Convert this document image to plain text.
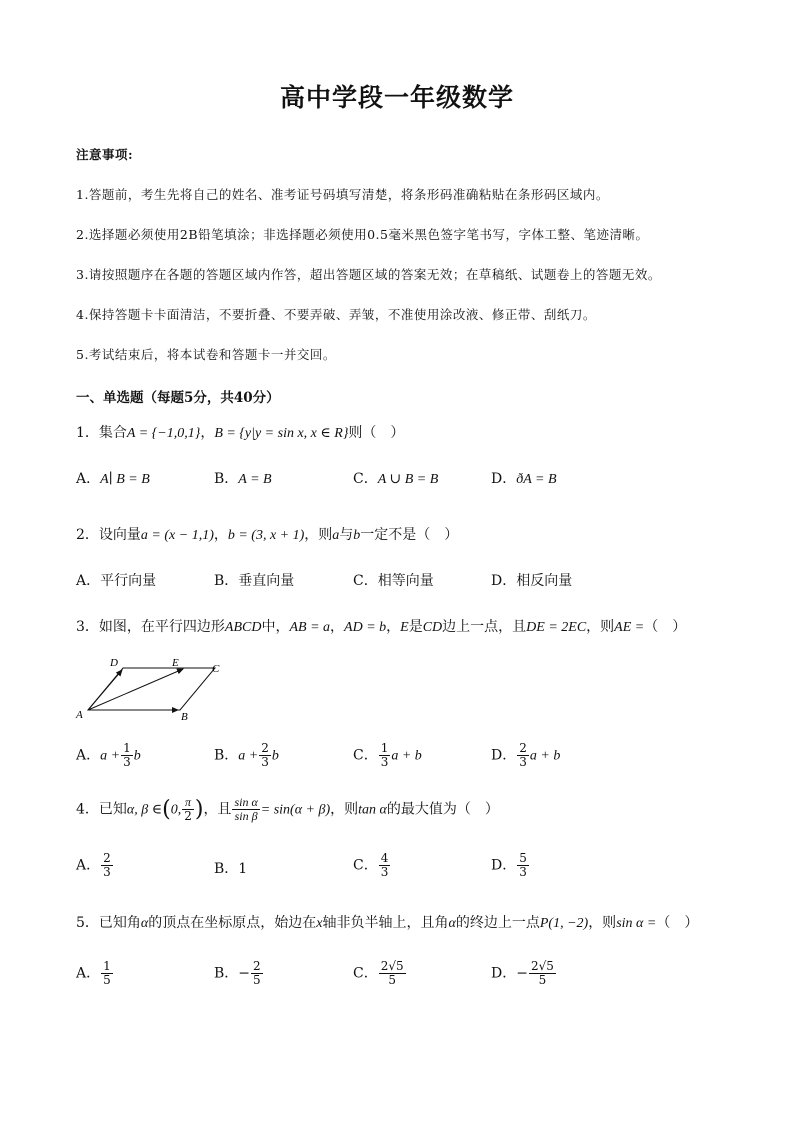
高中学段一年级数学
注意事项:
1.答题前，考生先将自己的姓名、准考证号码填写清楚，将条形码准确粘贴在条形码区域内。
2.选择题必须使用2B铅笔填涂；非选择题必须使用0.5毫米黑色签字笔书写，字体工整、笔迹清晰。
3.请按照题序在各题的答题区域内作答，超出答题区域的答案无效；在草稿纸、试题卷上的答题无效。
4.保持答题卡卡面清洁，不要折叠、不要弄破、弄皱，不准使用涂改液、修正带、刮纸刀。
5.考试结束后，将本试卷和答题卡一并交回。
一、单选题（每题5分，共40分）
1．集合A = {−1,0,1}，B = {y|y = sin x, x ∈ R}则（　）
A．A∣ B = B	B．A = B	C．A ∪ B = B	D．ðA = B
2．设向量a = (x − 1,1)，b = (3, x + 1)，则a与b一定不是（　）
A．平行向量	B．垂直向量	C．相等向量	D．相反向量
3．如图，在平行四边形ABCD中，AB = a，AD = b，E是CD边上一点，且DE = 2EC，则AE =（　）
D	E	C
A	B
A．$a + \frac{1}{3}$ b	B．$a + \frac{2}{3}$ b	C． $\frac{1}{3}$ a + b	D． $\frac{2}{3}$ a + b
4．已知α, β ∈(0, $\frac{\pi}{2}$ )，且 $\frac{\text{sin α}}{\text{sin β}} = \sin(\alpha + \beta)$，则tan α的最大值为（　）
A． $\frac{2}{3}$	B．1	C． $\frac{4}{3}$	D． $\frac{5}{3}$
5．已知角α的顶点在坐标原点，始边在x轴非负半轴上，且角α的终边上一点P(1, −2)，则sin α =（　）
A． $\frac{1}{5}$	B．− $\frac{2}{5}$	C． $\frac{2√5}{5}$	D．− $\frac{2√5}{5}$
